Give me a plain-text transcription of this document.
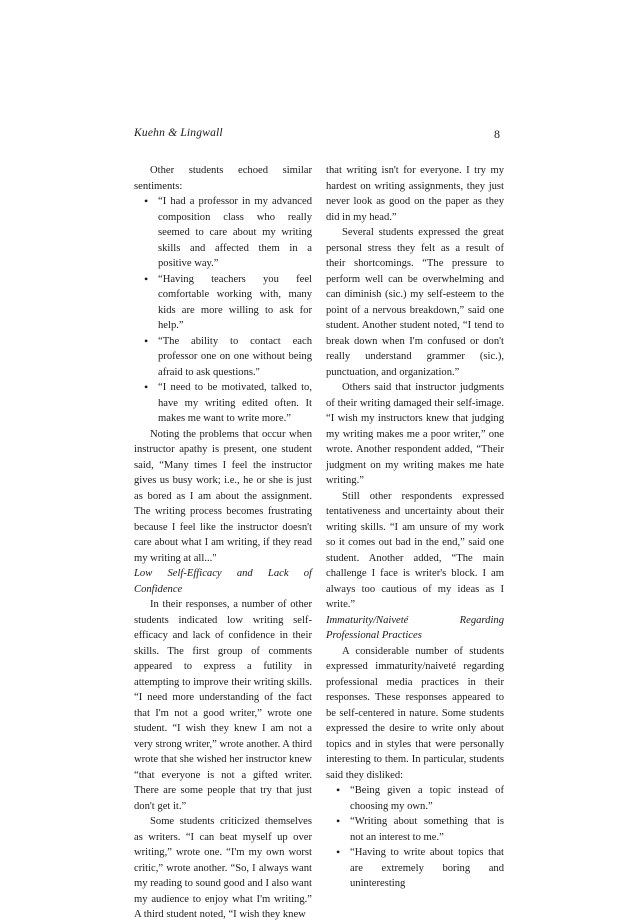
Kuehn & Lingwall	8

Other students echoed similar sentiments:

• “I had a professor in my advanced composition class who really seemed to care about my writing skills and affected them in a positive way.”
• “Having teachers you feel comfortable working with, many kids are more willing to ask for help.”
• “The ability to contact each professor one on one without being afraid to ask questions."
• “I need to be motivated, talked to, have my writing edited often. It makes me want to write more.”

Noting the problems that occur when instructor apathy is present, one student said, “Many times I feel the instructor gives us busy work; i.e., he or she is just as bored as I am about the assignment. The writing process becomes frustrating because I feel like the instructor doesn't care about what I am writing, if they read my writing at all..."

Low Self-Efficacy and Lack of Confidence

In their responses, a number of other students indicated low writing self-efficacy and lack of confidence in their skills. The first group of comments appeared to express a futility in attempting to improve their writing skills. “I need more understanding of the fact that I'm not a good writer,” wrote one student. “I wish they knew I am not a very strong writer,” wrote another. A third wrote that she wished her instructor knew “that everyone is not a gifted writer. There are some people that try that just don't get it.”

Some students criticized themselves as writers. “I can beat myself up over writing,” wrote one. “I'm my own worst critic,” wrote another. “So, I always want my reading to sound good and I also want my audience to enjoy what I'm writing.” A third student noted, “I wish they knew

that writing isn't for everyone. I try my hardest on writing assignments, they just never look as good on the paper as they did in my head.”

Several students expressed the great personal stress they felt as a result of their shortcomings. “The pressure to perform well can be overwhelming and can diminish (sic.) my self-esteem to the point of a nervous breakdown,” said one student. Another student noted, “I tend to break down when I'm confused or don't really understand grammer (sic.), punctuation, and organization.”

Others said that instructor judgments of their writing damaged their self-image. “I wish my instructors knew that judging my writing makes me a poor writer,” one wrote. Another respondent added, “Their judgment on my writing makes me hate writing.”

Still other respondents expressed tentativeness and uncertainty about their writing skills. “I am unsure of my work so it comes out bad in the end,” said one student. Another added, “The main challenge I face is writer's block. I am always too cautious of my ideas as I write.”

Immaturity/Naiveté Regarding Professional Practices

A considerable number of students expressed immaturity/naiveté regarding professional media practices in their responses. These responses appeared to be self-centered in nature. Some students expressed the desire to write only about topics and in styles that were personally interesting to them. In particular, students said they disliked:

• “Being given a topic instead of choosing my own.”
• “Writing about something that is not an interest to me.”
• “Having to write about topics that are extremely boring and uninteresting
